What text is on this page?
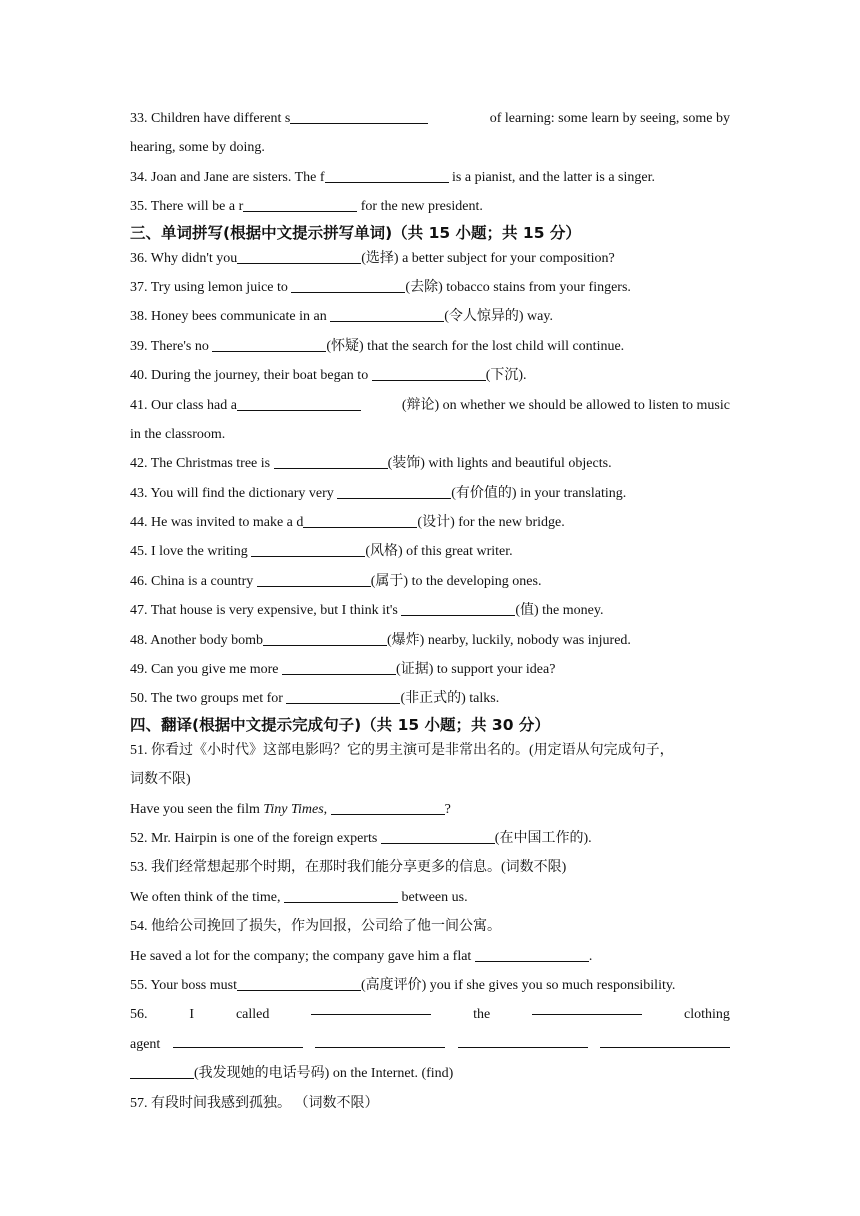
33. Children have different s	of learning: some learn by seeing, some by
hearing, some by doing.
34. Joan and Jane are sisters. The f	is a pianist, and the latter is a singer.
35. There will be a r	for the new president.
三、单词拼写(根据中文提示拼写单词)（共 15 小题；共 15 分）
36. Why didn't you	(选择) a better subject for your composition?
37. Try using lemon juice to	(去除) tobacco stains from your fingers.
38. Honey bees communicate in an	(令人惊异的) way.
39. There's no	(怀疑) that the search for the lost child will continue.
40. During the journey, their boat began to	(下沉).
41. Our class had a	(辩论) on whether we should be allowed to listen to music
in the classroom.
42. The Christmas tree is	(装饰) with lights and beautiful objects.
43. You will find the dictionary very	(有价值的) in your translating.
44. He was invited to make a d	(设计) for the new bridge.
45. I love the writing	(风格) of this great writer.
46. China is a country	(属于) to the developing ones.
47. That house is very expensive, but I think it's	(值) the money.
48. Another body bomb	(爆炸) nearby, luckily, nobody was injured.
49. Can you give me more	(证据) to support your idea?
50. The two groups met for	(非正式的) talks.
四、翻译(根据中文提示完成句子)（共 15 小题；共 30 分）
51. 你看过《小时代》这部电影吗？它的男主演可是非常出名的。(用定语从句完成句子，
词数不限)
Have you seen the film Tiny Times,	?
52. Mr. Hairpin is one of the foreign experts	(在中国工作的).
53. 我们经常想起那个时期，在那时我们能分享更多的信息。(词数不限)
We often think of the time,	between us.
54. 他给公司挽回了损失，作为回报，公司给了他一间公寓。
He saved a lot for the company; the company gave him a flat	.
55. Your boss must	(高度评价) you if she gives you so much responsibility.
56.	I	called	the	clothing
agent
(我发现她的电话号码) on the Internet. (find)
57. 有段时间我感到孤独。 （词数不限）
